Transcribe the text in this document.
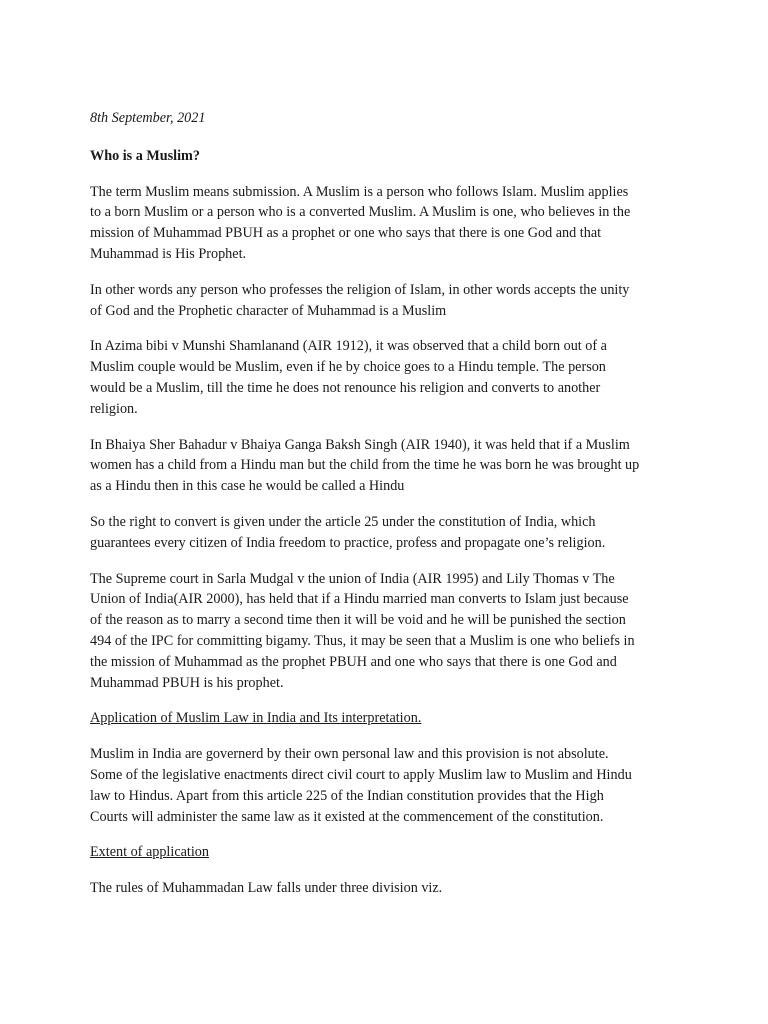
8th September, 2021
Who is a Muslim?

The term Muslim means submission. A Muslim is a person who follows Islam. Muslim applies
to a born Muslim or a person who is a converted Muslim. A Muslim is one, who believes in the
mission of Muhammad PBUH as a prophet or one who says that there is one God and that
Muhammad is His Prophet.

In other words any person who professes the religion of Islam, in other words accepts the unity
of God and the Prophetic character of Muhammad is a Muslim

In Azima bibi v Munshi Shamlanand (AIR 1912), it was observed that a child born out of a
Muslim couple would be Muslim, even if he by choice goes to a Hindu temple. The person
would be a Muslim, till the time he does not renounce his religion and converts to another
religion.

In Bhaiya Sher Bahadur v Bhaiya Ganga Baksh Singh (AIR 1940), it was held that if a Muslim
women has a child from a Hindu man but the child from the time he was born he was brought up
as a Hindu then in this case he would be called a Hindu

So the right to convert is given under the article 25 under the constitution of India, which
guarantees every citizen of India freedom to practice, profess and propagate one’s religion.

The Supreme court in Sarla Mudgal v the union of India (AIR 1995) and Lily Thomas v The
Union of India(AIR 2000), has held that if a Hindu married man converts to Islam just because
of the reason as to marry a second time then it will be void and he will be punished the section
494 of the IPC for committing bigamy. Thus, it may be seen that a Muslim is one who beliefs in
the mission of Muhammad as the prophet PBUH and one who says that there is one God and
Muhammad PBUH is his prophet.

Application of Muslim Law in India and Its interpretation.

Muslim in India are governerd by their own personal law and this provision is not absolute.
Some of the legislative enactments direct civil court to apply Muslim law to Muslim and Hindu
law to Hindus. Apart from this article 225 of the Indian constitution provides that the High
Courts will administer the same law as it existed at the commencement of the constitution.

Extent of application

The rules of Muhammadan Law falls under three division viz.
